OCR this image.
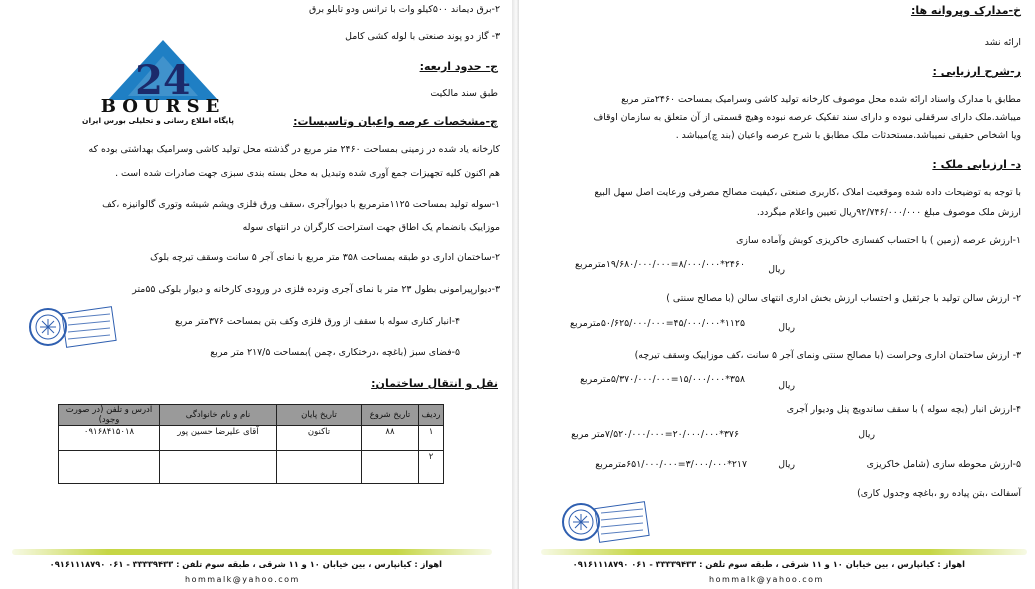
۲-برق دیماند ۵۰۰کیلو وات با ترانس ودو تابلو برق
۳- گاز دو پوند صنعتی با لوله کشی کامل
24
BOURSE
پایگاه اطلاع رسانی و تحلیلی بورس ایران
ج- حدود اربعه:
طبق سند مالکیت
چ-مشخصات عرصه واعیان وتاسیسات:
کارخانه یاد شده در زمینی بمساحت ۲۴۶۰ متر مربع در گذشته محل تولید کاشی وسرامیک بهداشتی بوده که
هم اکنون کلیه تجهیزات جمع آوری شده وتبدیل به محل بسته بندی سبزی جهت صادرات شده است .
۱-سوله تولید بمساحت ۱۱۲۵مترمربع با دیوارآجری ،سقف ورق فلزی وپشم شیشه وتوری گالوانیزه ،کف
موزاییک بانضمام یک اطاق جهت استراحت کارگران در انتهای سوله
۲-ساختمان اداری دو طبقه بمساحت ۳۵۸ متر مربع با نمای آجر ۵ سانت وسقف تیرچه بلوک
۳-دیوارپیرامونی بطول ۲۳ متر با نمای آجری ونرده فلزی در ورودی کارخانه و دیوار بلوکی ۵۵متر
۴-انبار کناری سوله با سقف از ورق فلزی وکف بتن بمساحت ۳۷۶متر مربع
۵-فضای سبز (باغچه ،درختکاری ،چمن )بمساحت ۲۱۷/۵ متر مربع
نقل و انتقال ساختمان:
ردیف	تاریخ شروع	تاریخ پایان	نام و نام خانوادگی	آدرس و تلفن (در صورت وجود)
۱	۸۸	تاکنون	آقای علیرضا حسین پور	۰۹۱۶۸۴۱۵۰۱۸
۲				
اهواز : کیانپارس ، بین خیابان ۱۰ و ۱۱ شرقی ، طبقه سوم تلفن : ۳۳۳۳۹۴۳۳ - ۰۶۱ ۰۹۱۶۱۱۱۸۷۹۰
hommalk@yahoo.com
خ-مدارک وپروانه ها:
ارائه نشد
ر-شرح ارزیابی :
مطابق با مدارک واسناد ارائه شده محل موصوف کارخانه تولید کاشی وسرامیک بمساحت ۲۴۶۰متر مربع
میباشد.ملک دارای سرقفلی نبوده و دارای سند تفکیک عرصه نبوده وهیچ قسمتی از آن متعلق به سازمان اوقاف
ویا اشخاص حقیقی نمیباشد.مستحدثات ملک مطابق با شرح عرصه واعیان (بند چ)میباشد .
د- ارزیابی ملک :
با توجه به توضیحات داده شده وموقعیت املاک ،کاربری صنعتی ،کیفیت مصالح مصرفی ورعایت اصل سهل البیع
ارزش ملک موصوف مبلغ ۹۲/۷۴۶/۰۰۰/۰۰۰ریال تعیین واعلام میگردد.
۱-ارزش عرصه (زمین ) با احتساب کفسازی خاکریزی کوبش وآماده سازی
ریال
۲۴۶۰*۸/۰۰۰/۰۰۰=۱۹/۶۸۰/۰۰۰/۰۰۰مترمربع
۲- ارزش سالن تولید با جرثقیل و احتساب ارزش بخش اداری انتهای سالن (با مصالح سنتی )
ریال
۱۱۲۵*۴۵/۰۰۰/۰۰۰=۵۰/۶۲۵/۰۰۰/۰۰۰مترمربع
۳- ارزش ساختمان اداری وحراست (با مصالح سنتی ونمای آجر ۵ سانت ،کف موزاییک وسقف تیرچه)
ریال
۳۵۸*۱۵/۰۰۰/۰۰۰=۵/۳۷۰/۰۰۰/۰۰۰مترمربع
۴-ارزش انبار (بچه سوله ) با سقف ساندویچ پنل ودیوار آجری
ریال
۳۷۶*۲۰/۰۰۰/۰۰۰=۷/۵۲۰/۰۰۰/۰۰۰متر مربع
۵-ارزش محوطه سازی (شامل خاکریزی
ریال
۲۱۷*۳/۰۰۰/۰۰۰=۶۵۱/۰۰۰/۰۰۰مترمربع
آسفالت ،بتن پیاده رو ،باغچه وجدول کاری)
اهواز : کیانپارس ، بین خیابان ۱۰ و ۱۱ شرقی ، طبقه سوم تلفن : ۳۳۳۳۹۴۳۳ - ۰۶۱ ۰۹۱۶۱۱۱۸۷۹۰
hommalk@yahoo.com
